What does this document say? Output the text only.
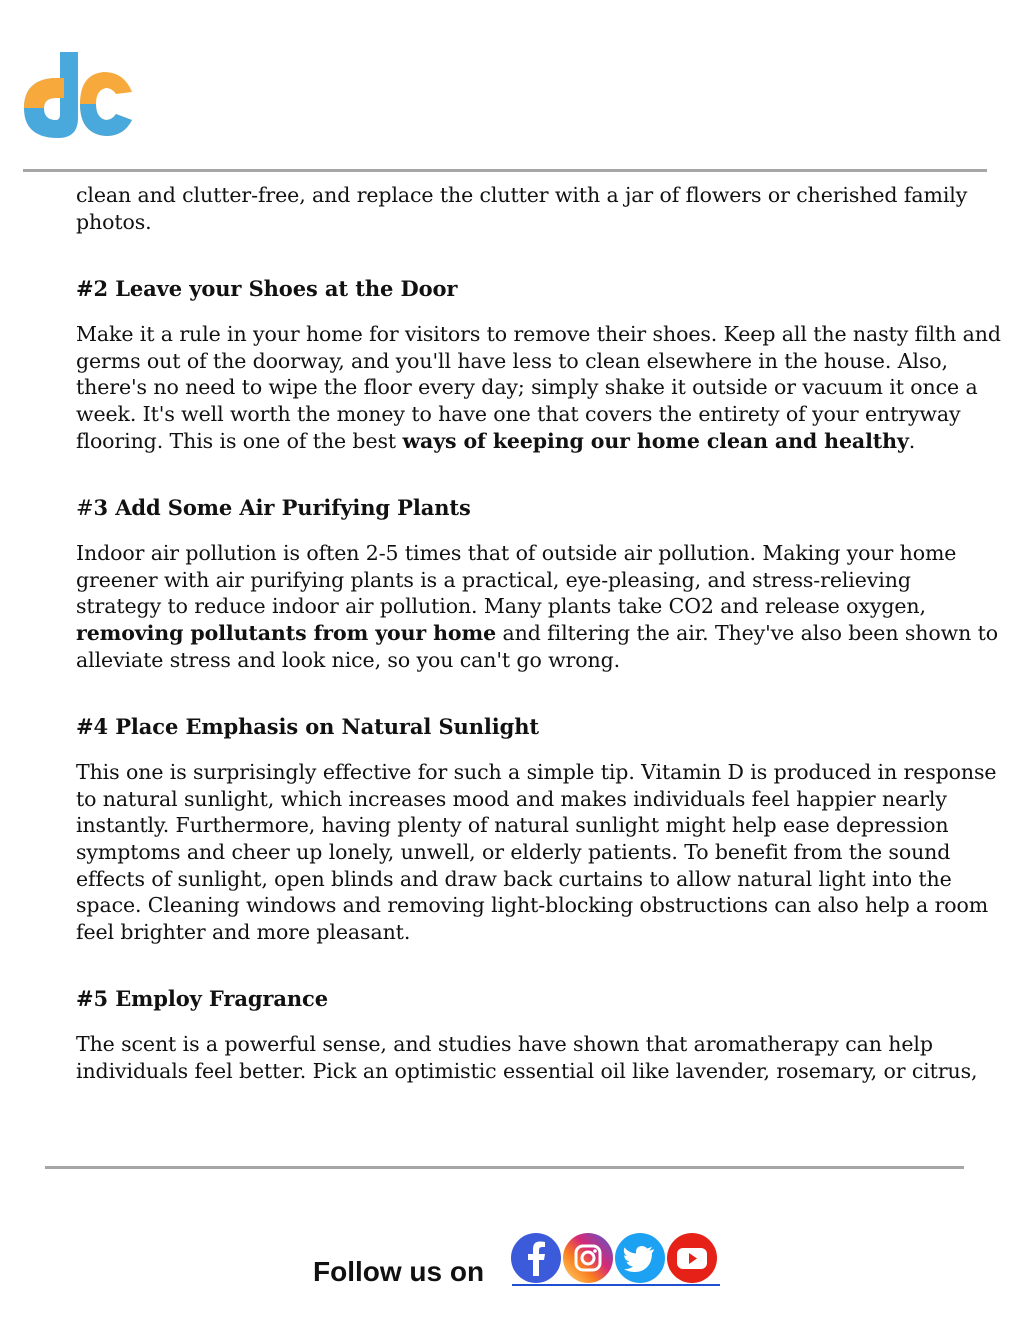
clean and clutter-free, and replace the clutter with a jar of flowers or cherished family photos.

#2 Leave your Shoes at the Door

Make it a rule in your home for visitors to remove their shoes. Keep all the nasty filth and germs out of the doorway, and you'll have less to clean elsewhere in the house. Also, there's no need to wipe the floor every day; simply shake it outside or vacuum it once a week. It's well worth the money to have one that covers the entirety of your entryway flooring. This is one of the best ways of keeping our home clean and healthy.

#3 Add Some Air Purifying Plants

Indoor air pollution is often 2-5 times that of outside air pollution. Making your home greener with air purifying plants is a practical, eye-pleasing, and stress-relieving strategy to reduce indoor air pollution. Many plants take CO2 and release oxygen, removing pollutants from your home and filtering the air. They've also been shown to alleviate stress and look nice, so you can't go wrong.

#4 Place Emphasis on Natural Sunlight

This one is surprisingly effective for such a simple tip. Vitamin D is produced in response to natural sunlight, which increases mood and makes individuals feel happier nearly instantly. Furthermore, having plenty of natural sunlight might help ease depression symptoms and cheer up lonely, unwell, or elderly patients. To benefit from the sound effects of sunlight, open blinds and draw back curtains to allow natural light into the space. Cleaning windows and removing light-blocking obstructions can also help a room feel brighter and more pleasant.

#5 Employ Fragrance

The scent is a powerful sense, and studies have shown that aromatherapy can help individuals feel better. Pick an optimistic essential oil like lavender, rosemary, or citrus,

Follow us on
